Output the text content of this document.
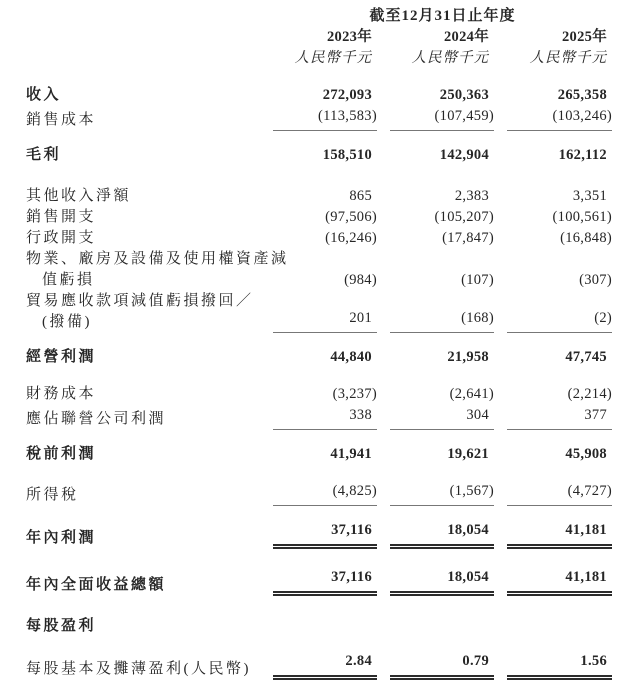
截至12月31日止年度
2023年	2024年	2025年
人民幣千元	人民幣千元	人民幣千元
收入	272,093	250,363	265,358
銷售成本	(113,583)	(107,459)	(103,246)
毛利	158,510	142,904	162,112
其他收入淨額	865	2,383	3,351
銷售開支	(97,506)	(105,207)	(100,561)
行政開支	(16,246)	(17,847)	(16,848)
物業、廠房及設備及使用權資產減
值虧損	(984)	(107)	(307)
貿易應收款項減值虧損撥回／
(撥備)	201	(168)	(2)
經營利潤	44,840	21,958	47,745
財務成本	(3,237)	(2,641)	(2,214)
應佔聯營公司利潤	338	304	377
稅前利潤	41,941	19,621	45,908
所得稅	(4,825)	(1,567)	(4,727)
年內利潤	37,116	18,054	41,181
年內全面收益總額	37,116	18,054	41,181
每股盈利
每股基本及攤薄盈利(人民幣)	2.84	0.79	1.56
